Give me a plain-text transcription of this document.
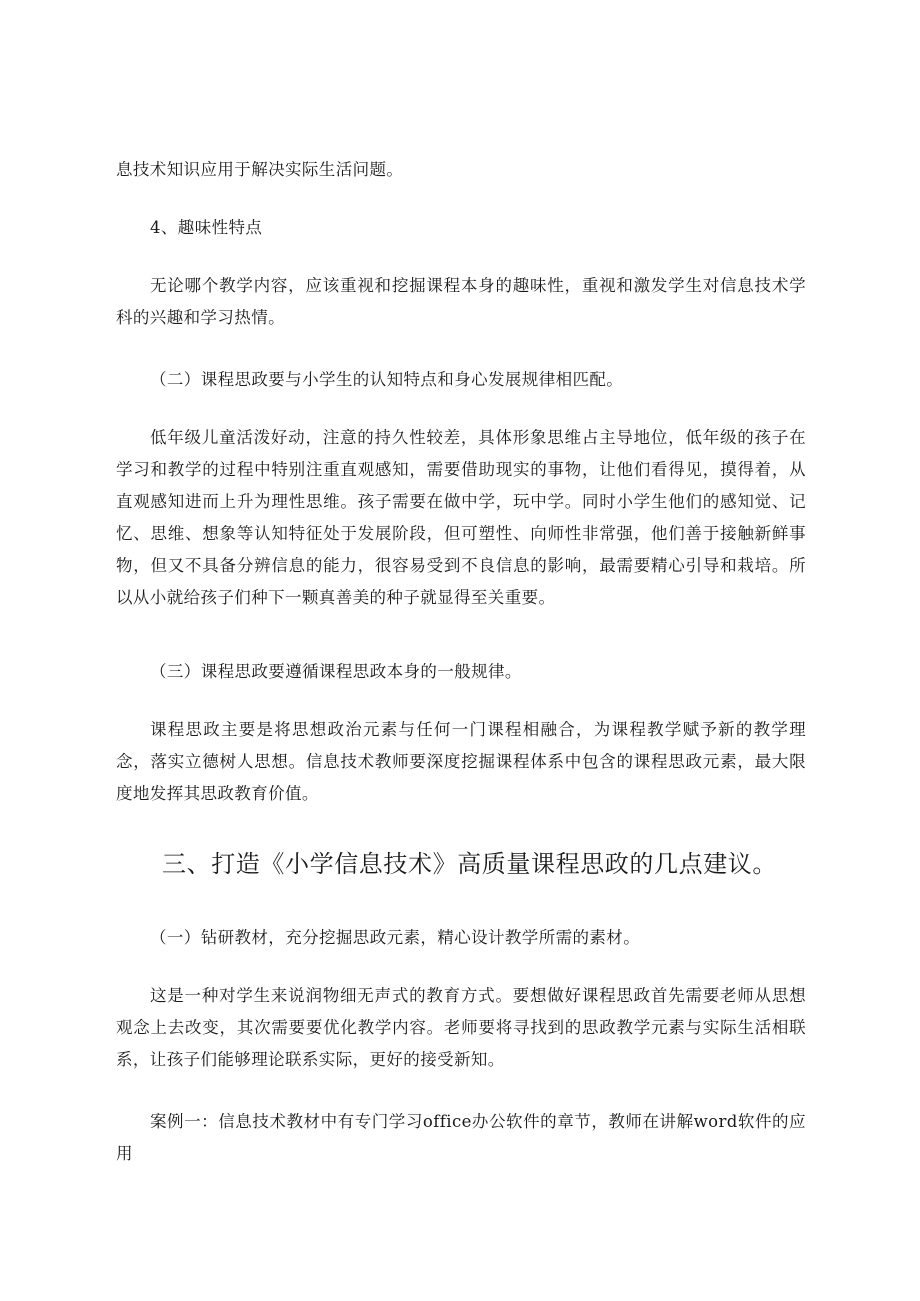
息技术知识应用于解决实际生活问题。

4、趣味性特点

无论哪个教学内容，应该重视和挖掘课程本身的趣味性，重视和激发学生对信息技术学科的兴趣和学习热情。

（二）课程思政要与小学生的认知特点和身心发展规律相匹配。

低年级儿童活泼好动，注意的持久性较差，具体形象思维占主导地位，低年级的孩子在学习和教学的过程中特别注重直观感知，需要借助现实的事物，让他们看得见，摸得着，从直观感知进而上升为理性思维。孩子需要在做中学，玩中学。同时小学生他们的感知觉、记忆、思维、想象等认知特征处于发展阶段，但可塑性、向师性非常强，他们善于接触新鲜事物，但又不具备分辨信息的能力，很容易受到不良信息的影响，最需要精心引导和栽培。所以从小就给孩子们种下一颗真善美的种子就显得至关重要。

（三）课程思政要遵循课程思政本身的一般规律。

课程思政主要是将思想政治元素与任何一门课程相融合，为课程教学赋予新的教学理念，落实立德树人思想。信息技术教师要深度挖掘课程体系中包含的课程思政元素，最大限度地发挥其思政教育价值。

三、打造《小学信息技术》高质量课程思政的几点建议。

（一）钻研教材，充分挖掘思政元素，精心设计教学所需的素材。

这是一种对学生来说润物细无声式的教育方式。要想做好课程思政首先需要老师从思想观念上去改变，其次需要要优化教学内容。老师要将寻找到的思政教学元素与实际生活相联系，让孩子们能够理论联系实际，更好的接受新知。

案例一：信息技术教材中有专门学习office办公软件的章节，教师在讲解word软件的应用
